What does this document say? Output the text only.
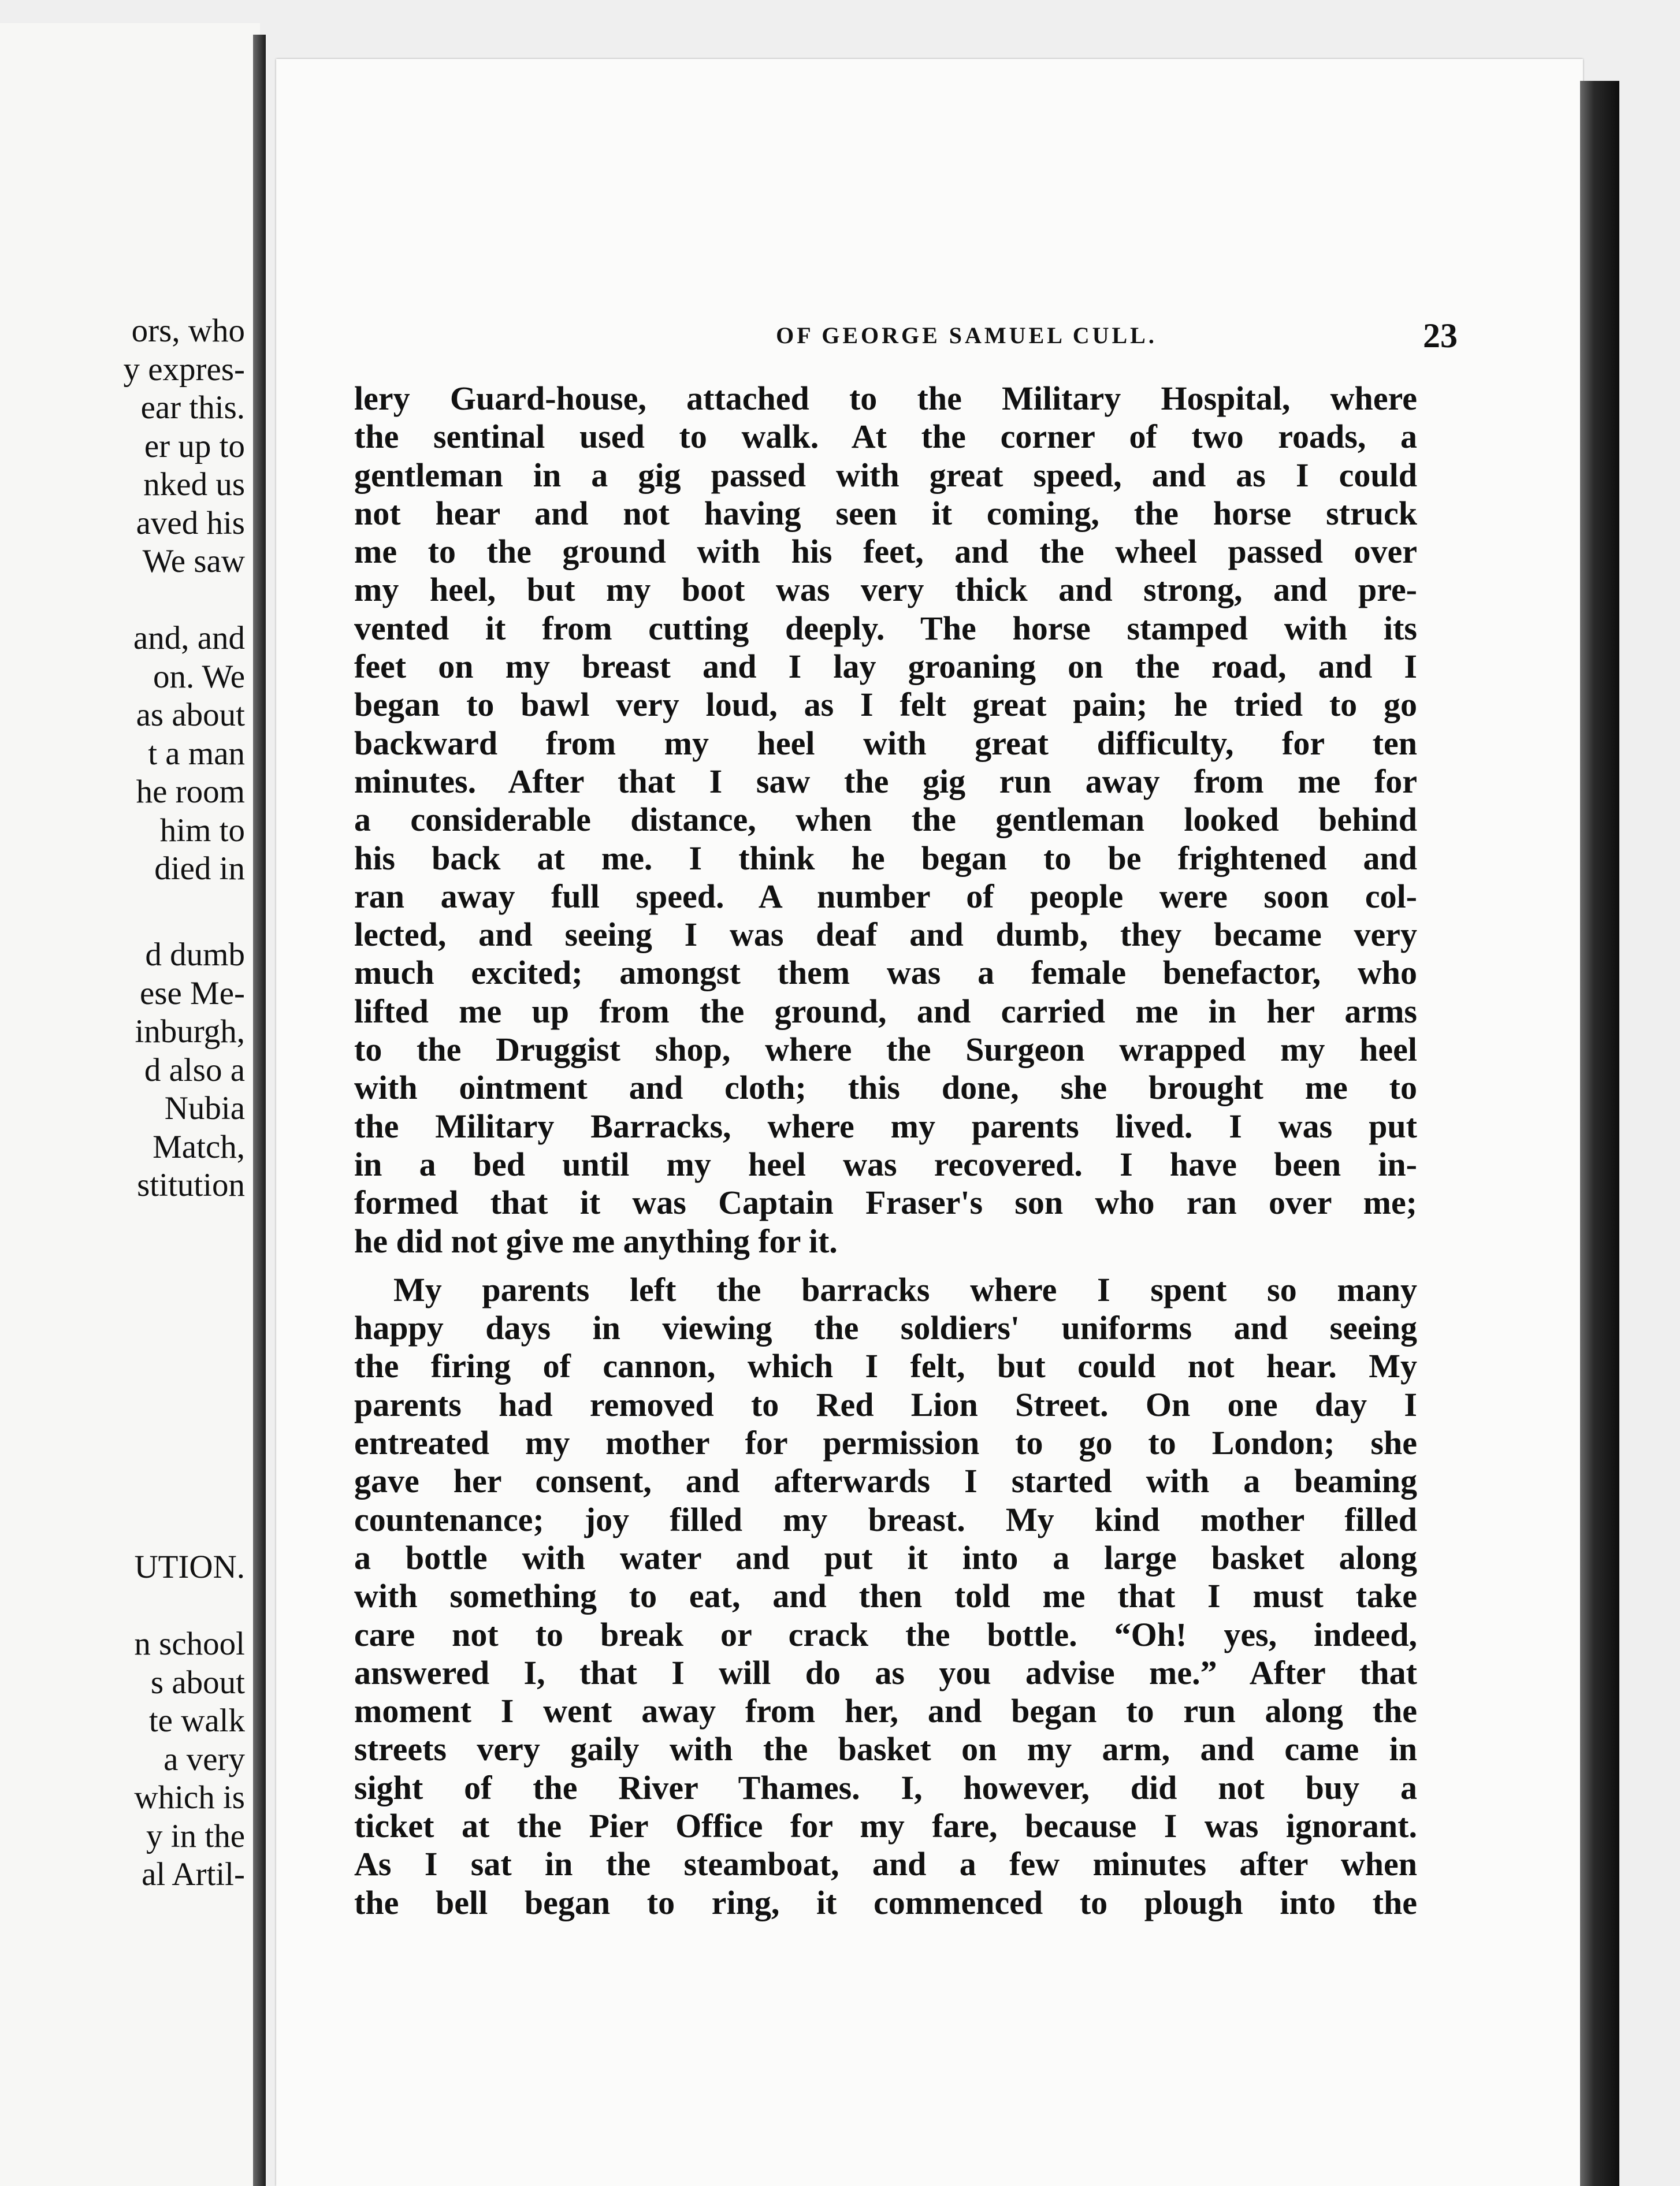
ors, who
y expres-
ear this.
er up to
nked us
aved his
We saw

and, and
on. We
as about
t a man
he room
him to
died in
d dumb
ese Me-
inburgh,
d also a
Nubia
Match,
stitution
UTION.

n school
s about
te walk
a very
which is
y in the
al Artil-
OF GEORGE SAMUEL CULL.	23
lery Guard-house, attached to the Military Hospital, where
the sentinal used to walk. At the corner of two roads, a
gentleman in a gig passed with great speed, and as I could
not hear and not having seen it coming, the horse struck
me to the ground with his feet, and the wheel passed over
my heel, but my boot was very thick and strong, and pre-
vented it from cutting deeply. The horse stamped with its
feet on my breast and I lay groaning on the road, and I
began to bawl very loud, as I felt great pain; he tried to go
backward from my heel with great difficulty, for ten
minutes. After that I saw the gig run away from me for
a considerable distance, when the gentleman looked behind
his back at me. I think he began to be frightened and
ran away full speed. A number of people were soon col-
lected, and seeing I was deaf and dumb, they became very
much excited; amongst them was a female benefactor, who
lifted me up from the ground, and carried me in her arms
to the Druggist shop, where the Surgeon wrapped my heel
with ointment and cloth; this done, she brought me to
the Military Barracks, where my parents lived. I was put
in a bed until my heel was recovered. I have been in-
formed that it was Captain Fraser's son who ran over me;
he did not give me anything for it.
My parents left the barracks where I spent so many
happy days in viewing the soldiers' uniforms and seeing
the firing of cannon, which I felt, but could not hear. My
parents had removed to Red Lion Street. On one day I
entreated my mother for permission to go to London; she
gave her consent, and afterwards I started with a beaming
countenance; joy filled my breast. My kind mother filled
a bottle with water and put it into a large basket along
with something to eat, and then told me that I must take
care not to break or crack the bottle. “Oh! yes, indeed,
answered I, that I will do as you advise me.” After that
moment I went away from her, and began to run along the
streets very gaily with the basket on my arm, and came in
sight of the River Thames. I, however, did not buy a
ticket at the Pier Office for my fare, because I was ignorant.
As I sat in the steamboat, and a few minutes after when
the bell began to ring, it commenced to plough into the
